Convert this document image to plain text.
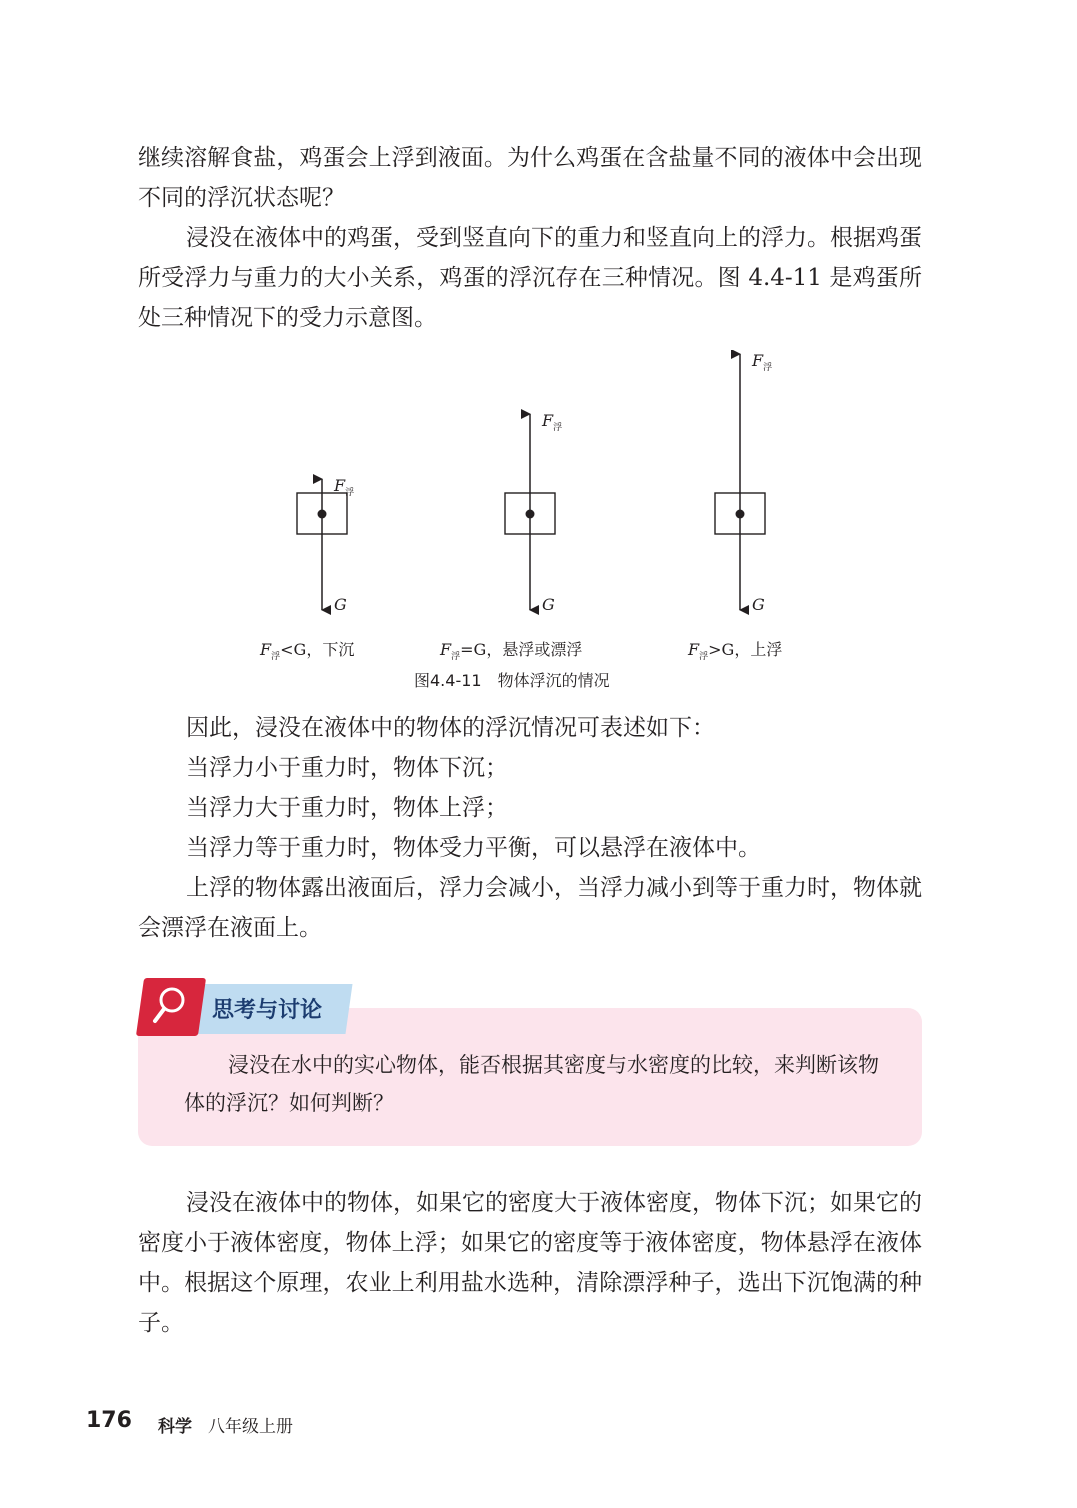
继续溶解食盐，鸡蛋会上浮到液面。为什么鸡蛋在含盐量不同的液体中会出现不同的浮沉状态呢？

浸没在液体中的鸡蛋，受到竖直向下的重力和竖直向上的浮力。根据鸡蛋所受浮力与重力的大小关系，鸡蛋的浮沉存在三种情况。图 4.4-11 是鸡蛋所处三种情况下的受力示意图。

$F_浮$
G
$F_浮$
G
$F_浮$
G
$F_浮<G$，下沉	$F_浮=G$，悬浮或漂浮	$F_浮>G$，上浮
图4.4-11　物体浮沉的情况

因此，浸没在液体中的物体的浮沉情况可表述如下：

当浮力小于重力时，物体下沉；

当浮力大于重力时，物体上浮；

当浮力等于重力时，物体受力平衡，可以悬浮在液体中。

上浮的物体露出液面后，浮力会减小，当浮力减小到等于重力时，物体就会漂浮在液面上。

思考与讨论

浸没在水中的实心物体，能否根据其密度与水密度的比较，来判断该物体的浮沉？如何判断？

浸没在液体中的物体，如果它的密度大于液体密度，物体下沉；如果它的密度小于液体密度，物体上浮；如果它的密度等于液体密度，物体悬浮在液体中。根据这个原理，农业上利用盐水选种，清除漂浮种子，选出下沉饱满的种子。

176 科学 八年级上册
